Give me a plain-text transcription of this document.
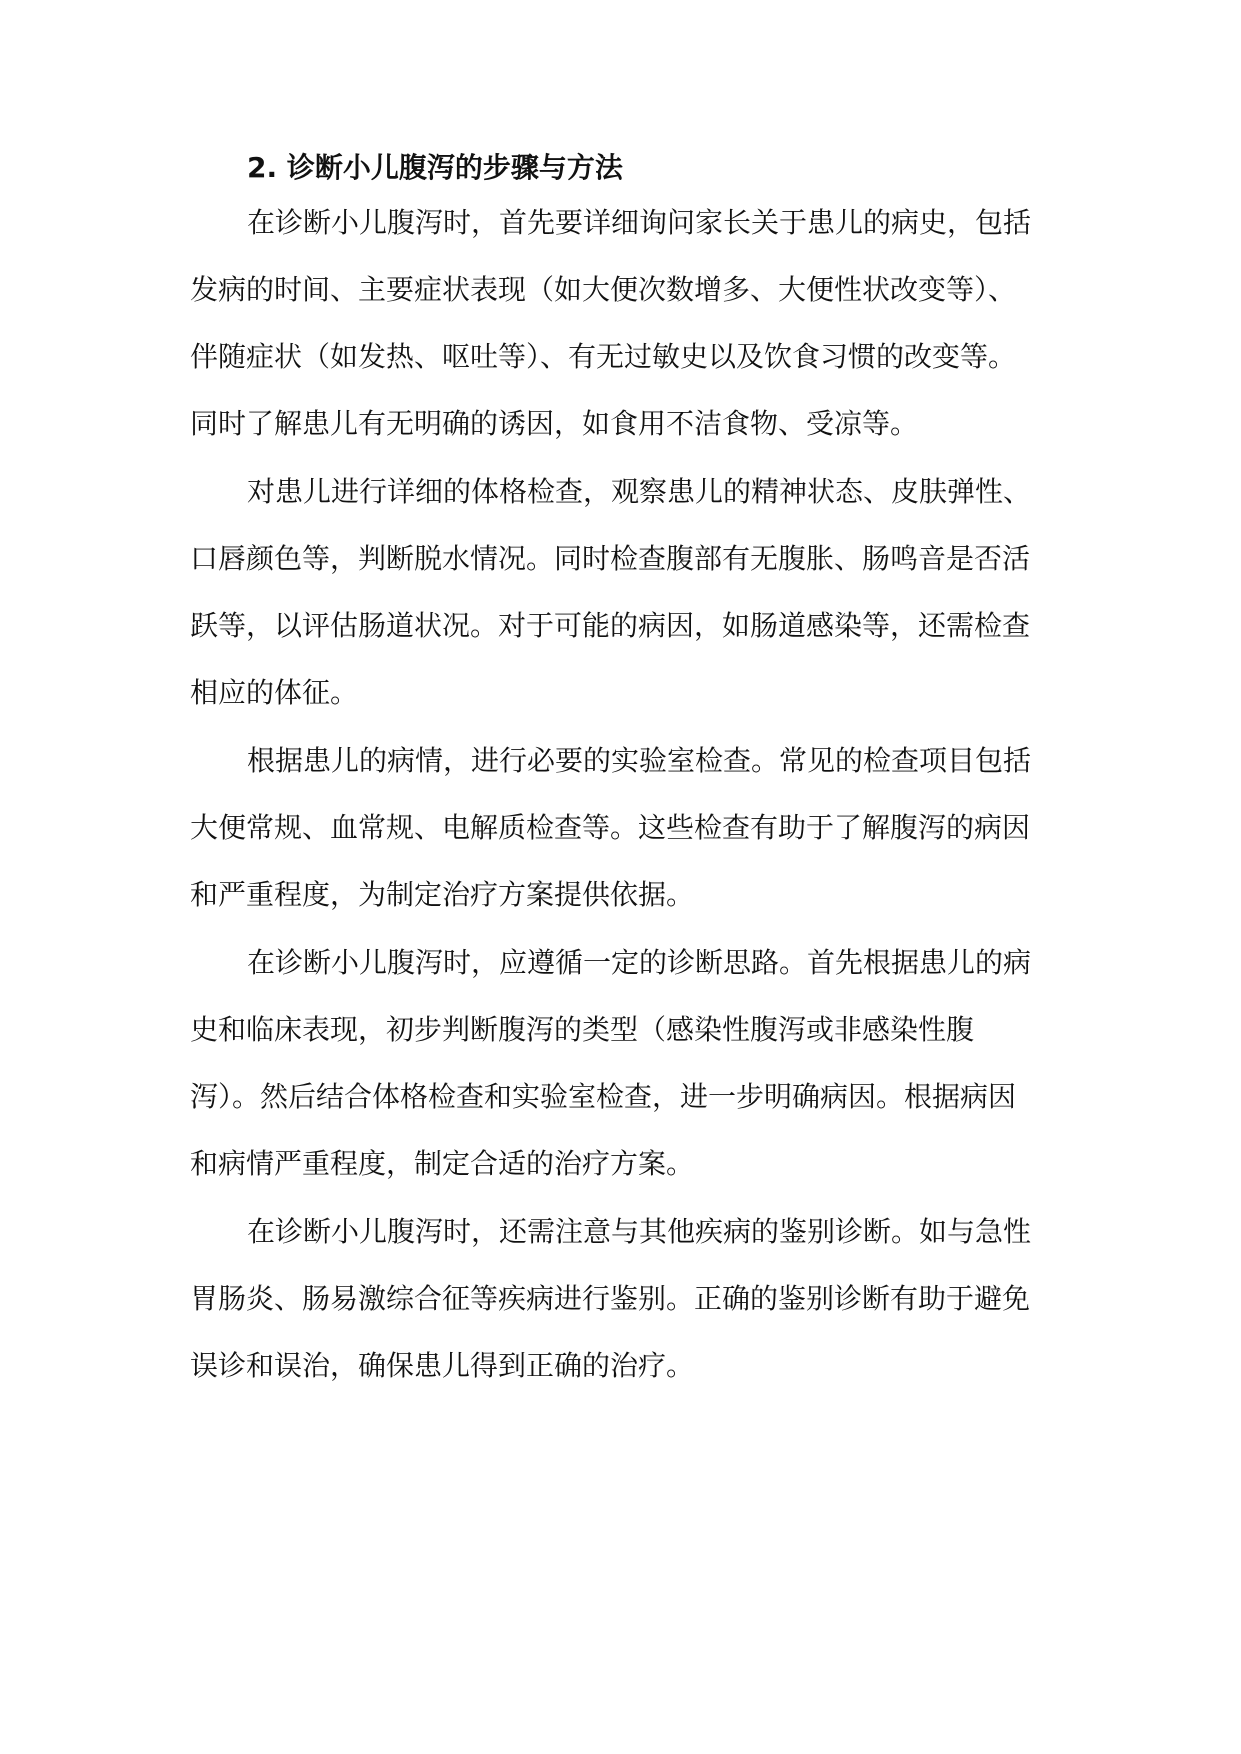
2. 诊断小儿腹泻的步骤与方法
在诊断小儿腹泻时，首先要详细询问家长关于患儿的病史，包括
发病的时间、主要症状表现（如大便次数增多、大便性状改变等）、
伴随症状（如发热、呕吐等）、有无过敏史以及饮食习惯的改变等。
同时了解患儿有无明确的诱因，如食用不洁食物、受凉等。
对患儿进行详细的体格检查，观察患儿的精神状态、皮肤弹性、
口唇颜色等，判断脱水情况。同时检查腹部有无腹胀、肠鸣音是否活
跃等，以评估肠道状况。对于可能的病因，如肠道感染等，还需检查
相应的体征。
根据患儿的病情，进行必要的实验室检查。常见的检查项目包括
大便常规、血常规、电解质检查等。这些检查有助于了解腹泻的病因
和严重程度，为制定治疗方案提供依据。
在诊断小儿腹泻时，应遵循一定的诊断思路。首先根据患儿的病
史和临床表现，初步判断腹泻的类型（感染性腹泻或非感染性腹
泻）。然后结合体格检查和实验室检查，进一步明确病因。根据病因
和病情严重程度，制定合适的治疗方案。
在诊断小儿腹泻时，还需注意与其他疾病的鉴别诊断。如与急性
胃肠炎、肠易激综合征等疾病进行鉴别。正确的鉴别诊断有助于避免
误诊和误治，确保患儿得到正确的治疗。
